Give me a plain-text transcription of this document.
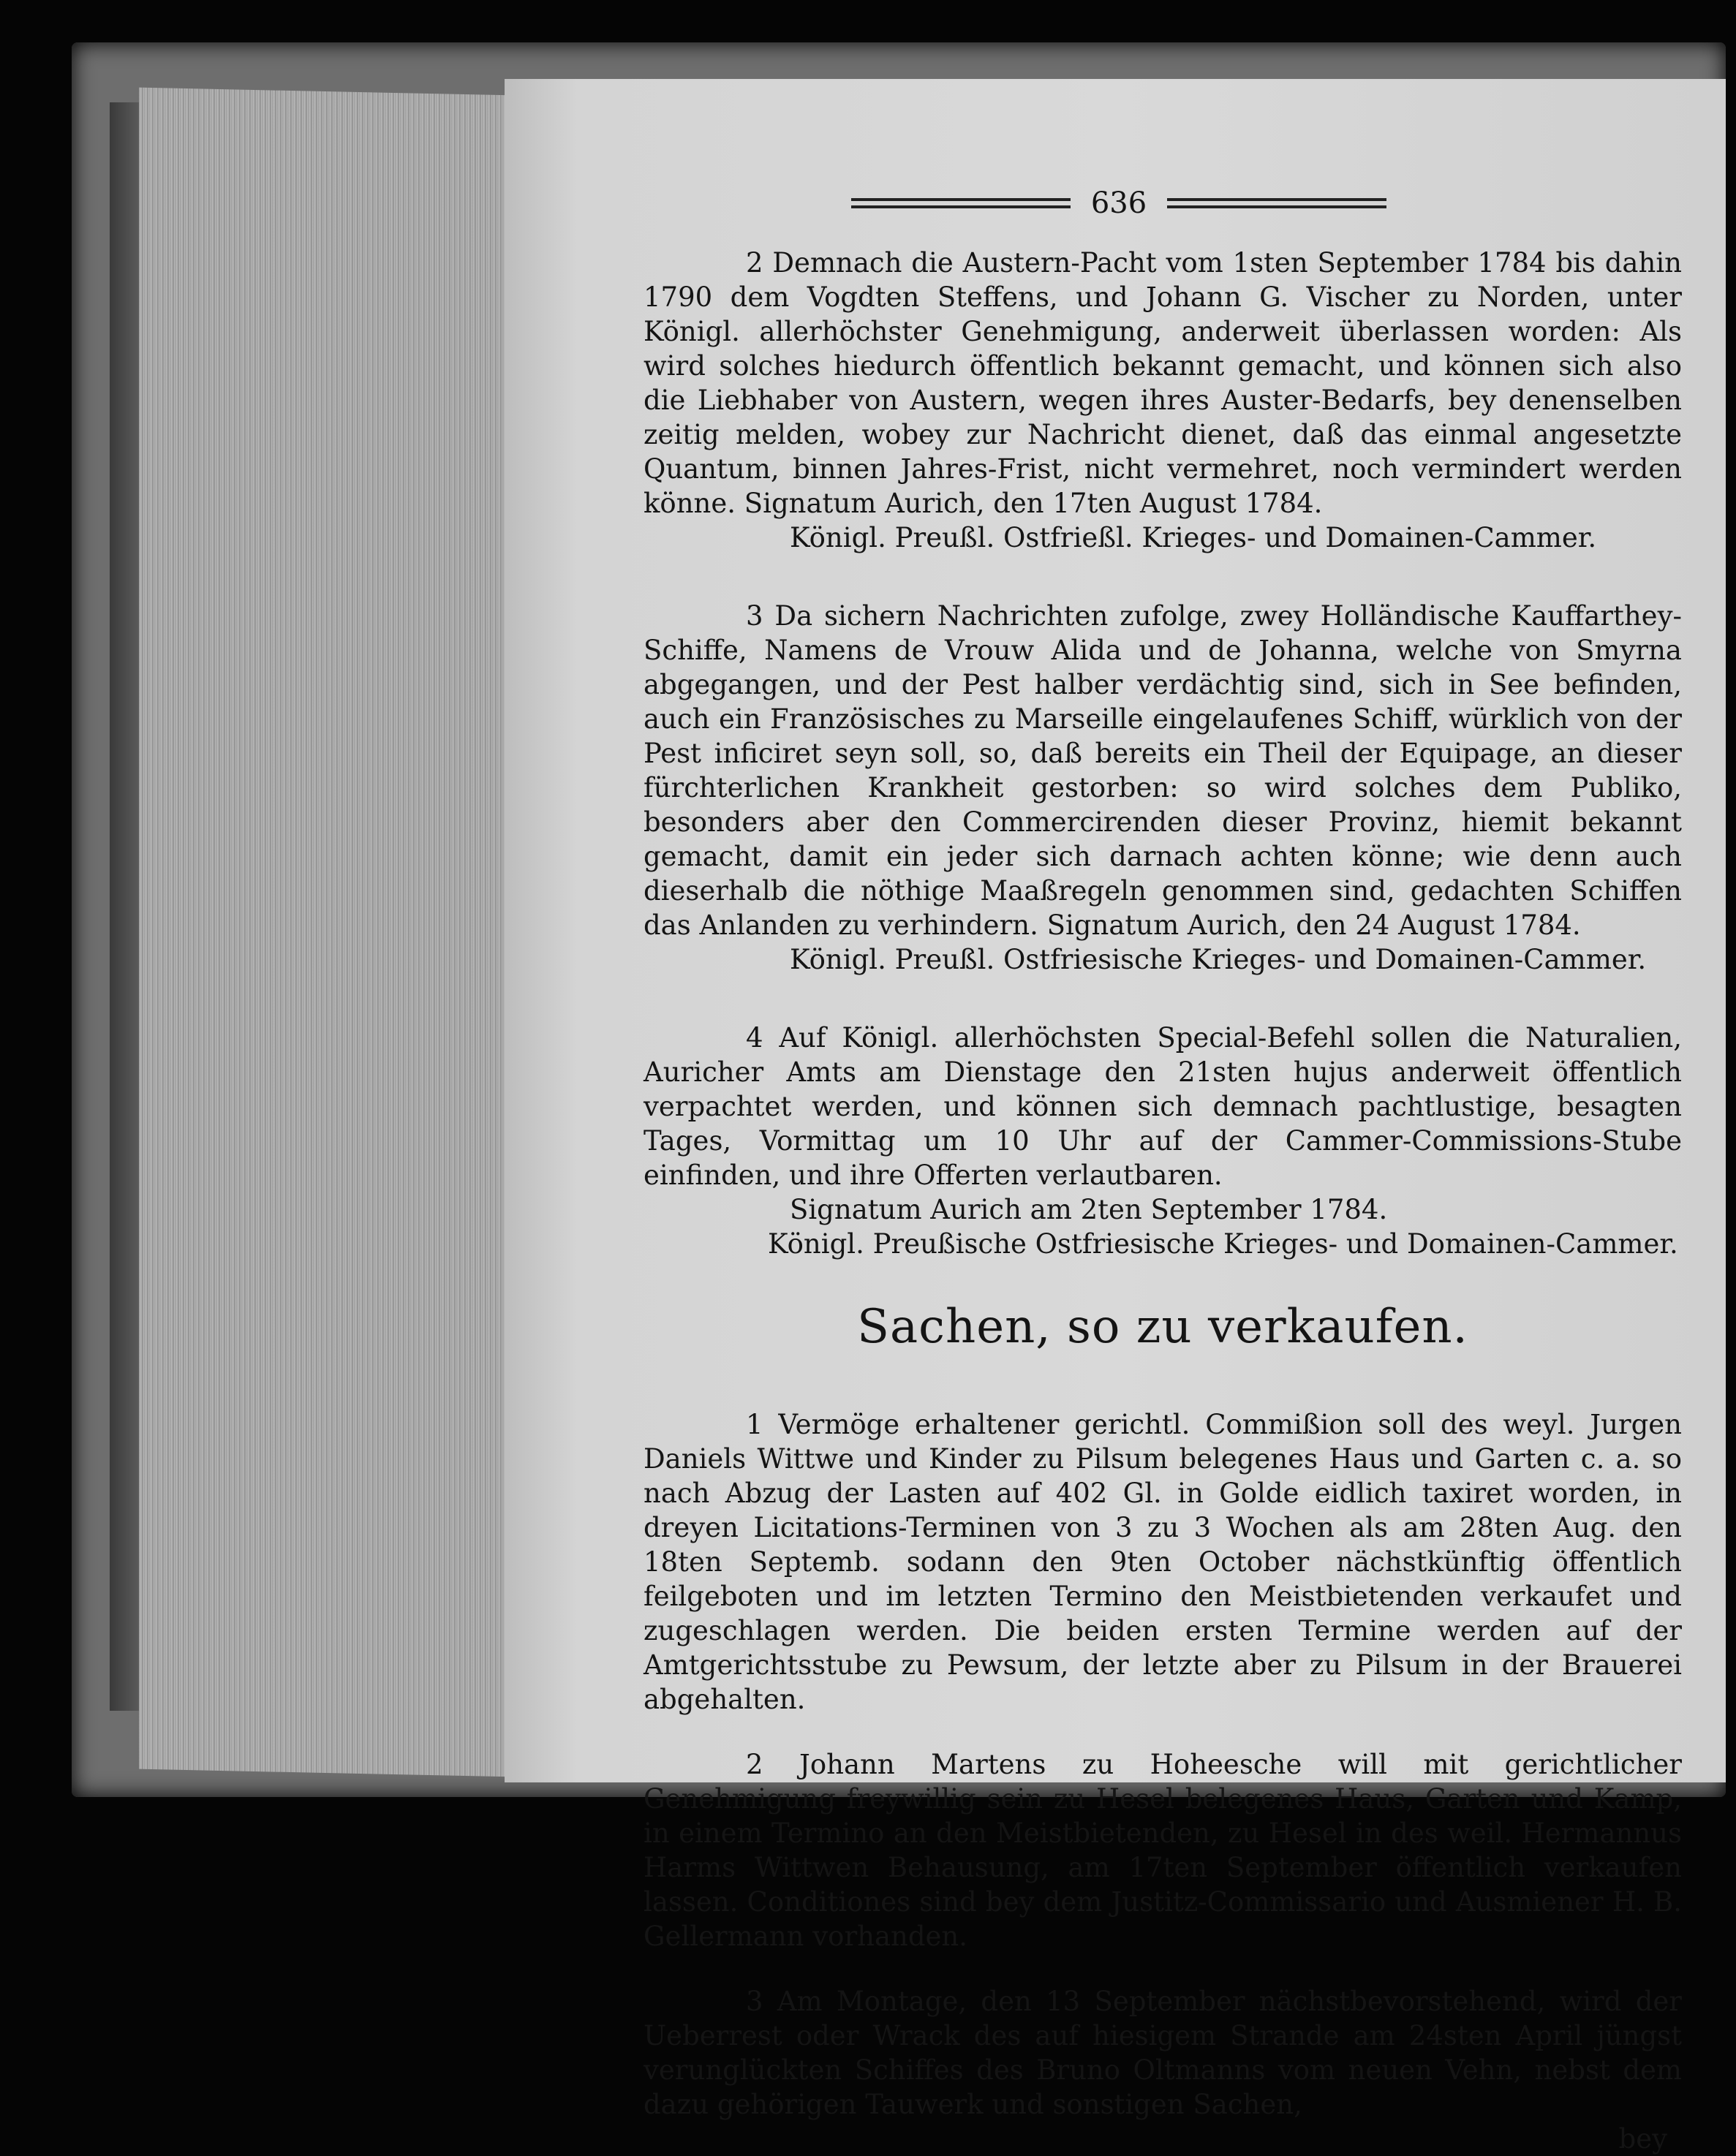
636

2 Demnach die Austern-Pacht vom 1sten September 1784 bis dahin 1790 dem Vogdten Steffens, und Johann G. Vischer zu Norden, unter Königl. allerhöchster Genehmigung, anderweit überlassen worden: Als wird solches hiedurch öffentlich bekannt gemacht, und können sich also die Liebhaber von Austern, wegen ihres Auster-Bedarfs, bey denenselben zeitig melden, wobey zur Nachricht dienet, daß das einmal angesetzte Quantum, binnen Jahres-Frist, nicht vermehret, noch vermindert werden könne. Signatum Aurich, den 17ten August 1784.

Königl. Preußl. Ostfrießl. Krieges- und Domainen-Cammer.

3 Da sichern Nachrichten zufolge, zwey Holländische Kauffarthey-Schiffe, Namens de Vrouw Alida und de Johanna, welche von Smyrna abgegangen, und der Pest halber verdächtig sind, sich in See befinden, auch ein Französisches zu Marseille eingelaufenes Schiff, würklich von der Pest inficiret seyn soll, so, daß bereits ein Theil der Equipage, an dieser fürchterlichen Krankheit gestorben: so wird solches dem Publiko, besonders aber den Commercirenden dieser Provinz, hiemit bekannt gemacht, damit ein jeder sich darnach achten könne; wie denn auch dieserhalb die nöthige Maaßregeln genommen sind, gedachten Schiffen das Anlanden zu verhindern. Signatum Aurich, den 24 August 1784.

Königl. Preußl. Ostfriesische Krieges- und Domainen-Cammer.

4 Auf Königl. allerhöchsten Special-Befehl sollen die Naturalien, Auricher Amts am Dienstage den 21sten hujus anderweit öffentlich verpachtet werden, und können sich demnach pachtlustige, besagten Tages, Vormittag um 10 Uhr auf der Cammer-Commissions-Stube einfinden, und ihre Offerten verlautbaren.

Signatum Aurich am 2ten September 1784.

Königl. Preußische Ostfriesische Krieges- und Domainen-Cammer.

Sachen, so zu verkaufen.

1 Vermöge erhaltener gerichtl. Commißion soll des weyl. Jurgen Daniels Wittwe und Kinder zu Pilsum belegenes Haus und Garten c. a. so nach Abzug der Lasten auf 402 Gl. in Golde eidlich taxiret worden, in dreyen Licitations-Terminen von 3 zu 3 Wochen als am 28ten Aug. den 18ten Septemb. sodann den 9ten October nächstkünftig öffentlich feilgeboten und im letzten Termino den Meistbietenden verkaufet und zugeschlagen werden. Die beiden ersten Termine werden auf der Amtgerichtsstube zu Pewsum, der letzte aber zu Pilsum in der Brauerei abgehalten.

2 Johann Martens zu Hoheesche will mit gerichtlicher Genehmigung freywillig sein zu Hesel belegenes Haus, Garten und Kamp, in einem Termino an den Meistbietenden, zu Hesel in des weil. Hermannus Harms Wittwen Behausung, am 17ten September öffentlich verkaufen lassen. Conditiones sind bey dem Justitz-Commissario und Ausmiener H. B. Gellermann vorhanden.

3 Am Montage, den 13 September nächstbevorstehend, wird der Ueberrest oder Wrack des auf hiesigem Strande am 24sten April jüngst verunglückten Schiffes des Bruno Oltmanns vom neuen Vehn, nebst dem dazu gehörigen Tauwerk und sonstigen Sachen,

bey
